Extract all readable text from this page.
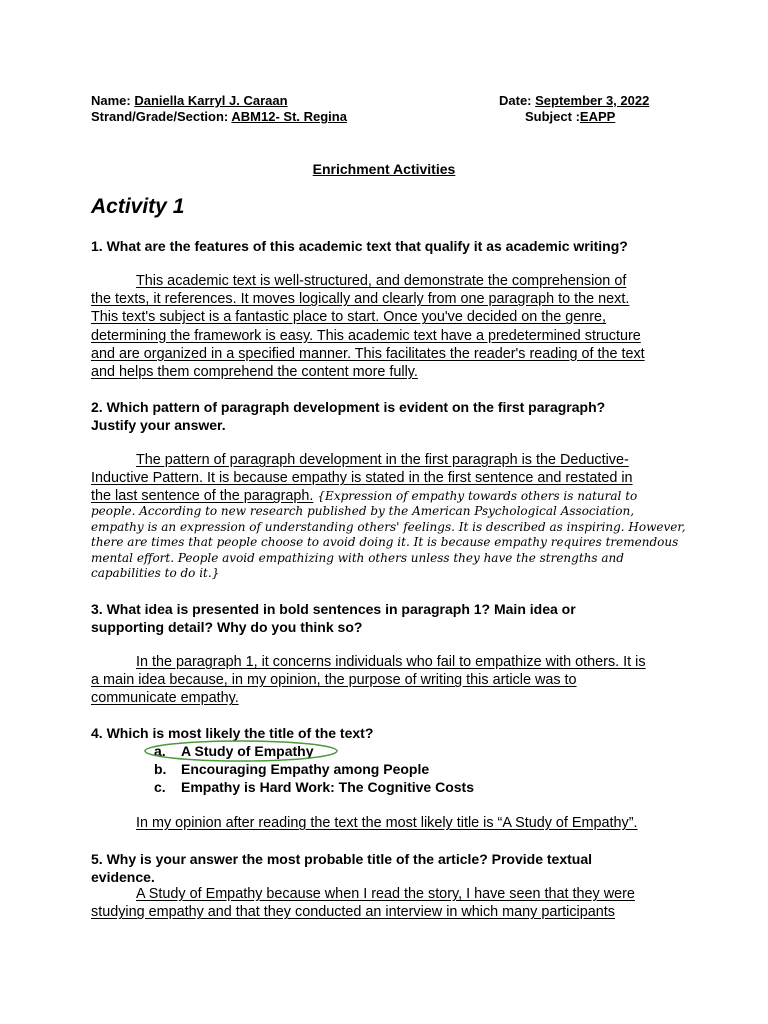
Name: Daniella Karryl J. Caraan	Date: September 3, 2022
Strand/Grade/Section: ABM12- St. Regina	Subject :EAPP
Enrichment Activities
Activity 1
1. What are the features of this academic text that qualify it as academic writing?
This academic text is well-structured, and demonstrate the comprehension of
the texts, it references. It moves logically and clearly from one paragraph to the next.
This text's subject is a fantastic place to start. Once you've decided on the genre,
determining the framework is easy. This academic text have a predetermined structure
and are organized in a specified manner. This facilitates the reader's reading of the text
and helps them comprehend the content more fully.
2. Which pattern of paragraph development is evident on the first paragraph?
Justify your answer.
The pattern of paragraph development in the first paragraph is the Deductive-
Inductive Pattern. It is because empathy is stated in the first sentence and restated in
the last sentence of the paragraph. {Expression of empathy towards others is natural to
people. According to new research published by the American Psychological Association,
empathy is an expression of understanding others' feelings. It is described as inspiring. However,
there are times that people choose to avoid doing it. It is because empathy requires tremendous
mental effort. People avoid empathizing with others unless they have the strengths and
capabilities to do it.}
3. What idea is presented in bold sentences in paragraph 1? Main idea or
supporting detail? Why do you think so?
In the paragraph 1, it concerns individuals who fail to empathize with others. It is
a main idea because, in my opinion, the purpose of writing this article was to
communicate empathy.
4. Which is most likely the title of the text?
a. A Study of Empathy
b. Encouraging Empathy among People
c. Empathy is Hard Work: The Cognitive Costs
In my opinion after reading the text the most likely title is “A Study of Empathy”.
5. Why is your answer the most probable title of the article? Provide textual
evidence.
A Study of Empathy because when I read the story, I have seen that they were
studying empathy and that they conducted an interview in which many participants
